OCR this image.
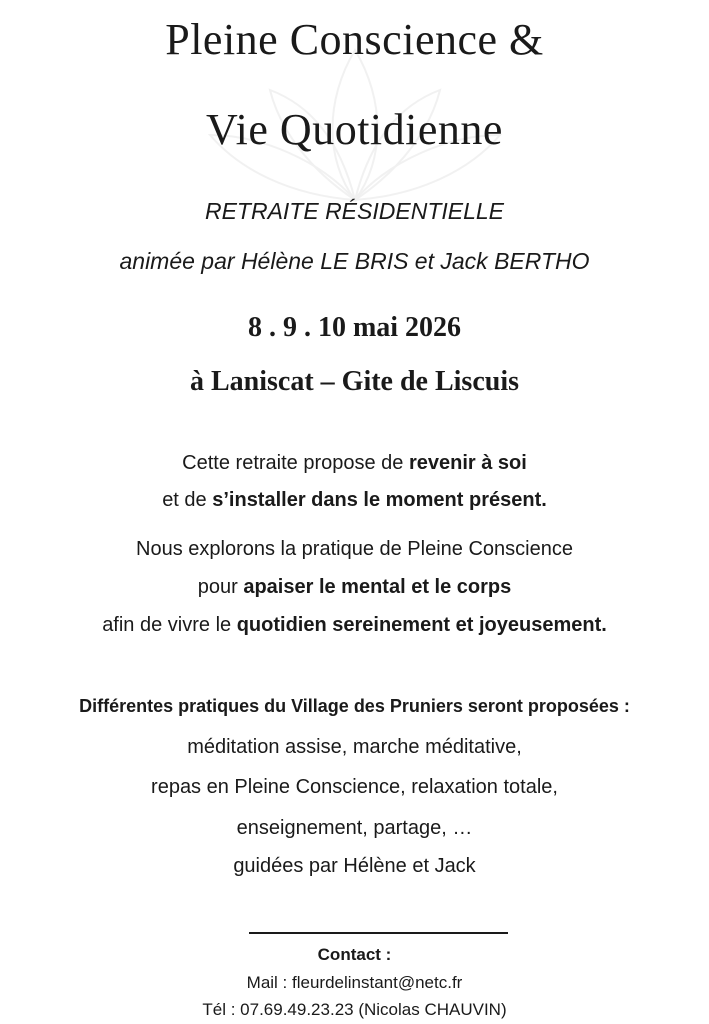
Pleine Conscience &
Vie Quotidienne
RETRAITE RÉSIDENTIELLE
animée par Hélène LE BRIS et Jack BERTHO
8 . 9 . 10 mai 2026
à Laniscat – Gite de Liscuis
Cette retraite propose de revenir à soi
et de s’installer dans le moment présent.
Nous explorons la pratique de Pleine Conscience
pour apaiser le mental et le corps
afin de vivre le quotidien sereinement et joyeusement.
Différentes pratiques du Village des Pruniers seront proposées :
méditation assise, marche méditative,
repas en Pleine Conscience, relaxation totale,
enseignement, partage, …
guidées par Hélène et Jack
Contact :
Mail : fleurdelinstant@netc.fr
Tél : 07.69.49.23.23 (Nicolas CHAUVIN)
